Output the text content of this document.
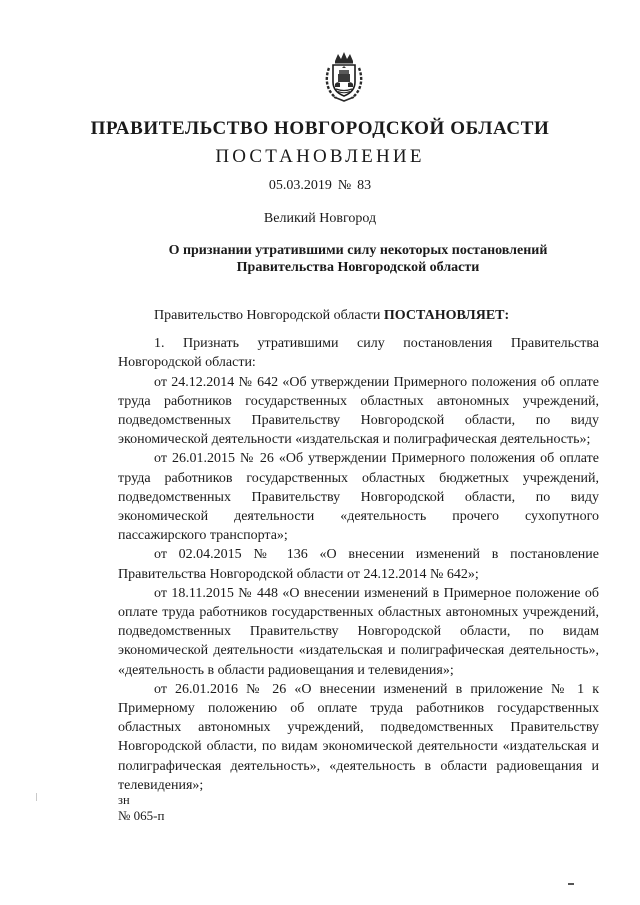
ПРАВИТЕЛЬСТВО НОВГОРОДСКОЙ ОБЛАСТИ
ПОСТАНОВЛЕНИЕ
05.03.2019 № 83
Великий Новгород
О признании утратившими силу некоторых постановлений
Правительства Новгородской области

Правительство Новгородской области ПОСТАНОВЛЯЕТ:

1. Признать утратившими силу постановления Правительства Новгородской области:

от 24.12.2014 № 642 «Об утверждении Примерного положения об оплате труда работников государственных областных автономных учреждений, подведомственных Правительству Новгородской области, по виду экономической деятельности «издательская и полиграфическая деятельность»;

от 26.01.2015 № 26 «Об утверждении Примерного положения об оплате труда работников государственных областных бюджетных учреждений, подведомственных Правительству Новгородской области, по виду экономической деятельности «деятельность прочего сухопутного пассажирского транспорта»;

от 02.04.2015 № 136 «О внесении изменений в постановление Правительства Новгородской области от 24.12.2014 № 642»;

от 18.11.2015 № 448 «О внесении изменений в Примерное положение об оплате труда работников государственных областных автономных учреждений, подведомственных Правительству Новгородской области, по видам экономической деятельности «издательская и полиграфическая деятельность», «деятельность в области радиовещания и телевидения»;

от 26.01.2016 № 26 «О внесении изменений в приложение № 1 к Примерному положению об оплате труда работников государственных областных автономных учреждений, подведомственных Правительству Новгородской области, по видам экономической деятельности «издательская и полиграфическая деятельность», «деятельность в области радиовещания и телевидения»;

зн
№ 065-п
